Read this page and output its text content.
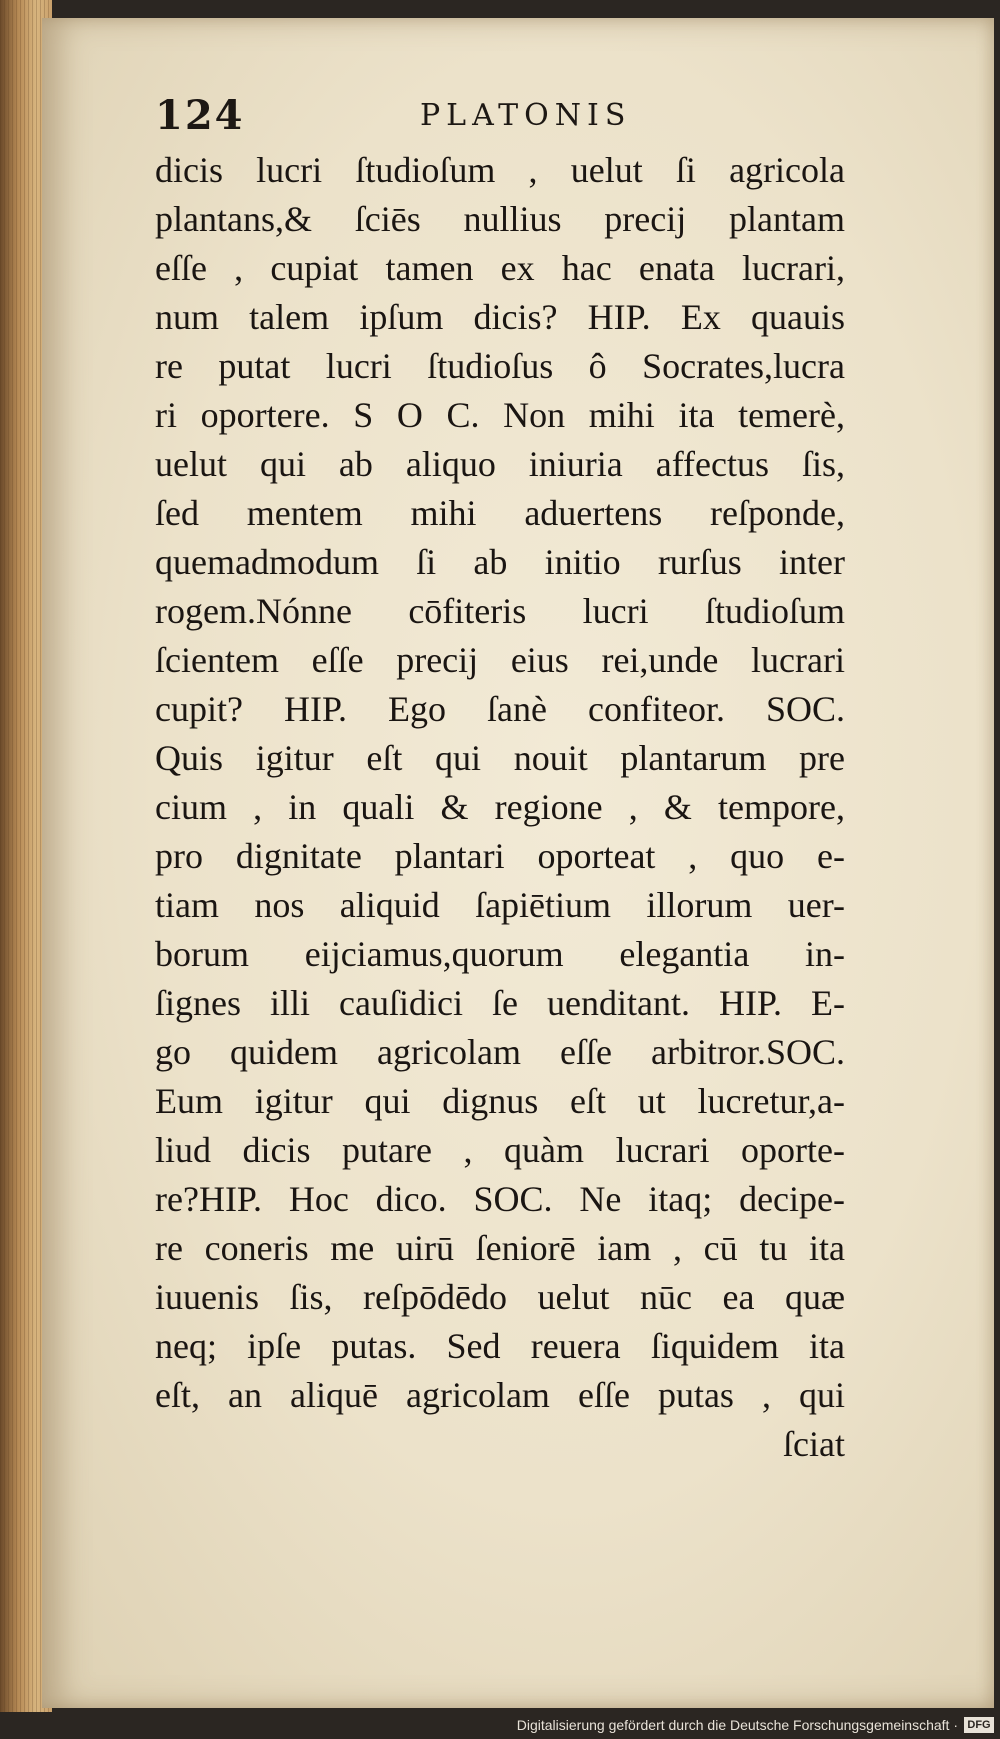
124	PLATONIS
dicis lucri ſtudioſum , uelut ſi agricola
plantans,& ſciēs nullius precij plantam
eſſe , cupiat tamen ex hac enata lucrari,
num talem ipſum dicis? HIP. Ex quauis
re putat lucri ſtudioſus ô Socrates,lucra
ri oportere. S O C. Non mihi ita temerè,
uelut qui ab aliquo iniuria affectus ſis,
ſed mentem mihi aduertens reſponde,
quemadmodum ſi ab initio rurſus inter
rogem.Nónne cōfiteris lucri ſtudioſum
ſcientem eſſe precij eius rei,unde lucrari
cupit? HIP. Ego ſanè confiteor. SOC.
Quis igitur eſt qui nouit plantarum pre
cium , in quali & regione , & tempore,
pro dignitate plantari oporteat , quo e-
tiam nos aliquid ſapiētium illorum uer-
borum eijciamus,quorum elegantia in-
ſignes illi cauſidici ſe uenditant. HIP. E-
go quidem agricolam eſſe arbitror.SOC.
Eum igitur qui dignus eſt ut lucretur,a-
liud dicis putare , quàm lucrari oporte-
re?HIP. Hoc dico. SOC. Ne itaq; decipe-
re coneris me uirū ſeniorē iam , cū tu ita
iuuenis ſis, reſpōdēdo uelut nūc ea quæ
neq; ipſe putas. Sed reuera ſiquidem ita
eſt, an aliquē agricolam eſſe putas , qui
ſciat
Digitalisierung gefördert durch die Deutsche Forschungsgemeinschaft · DFG
